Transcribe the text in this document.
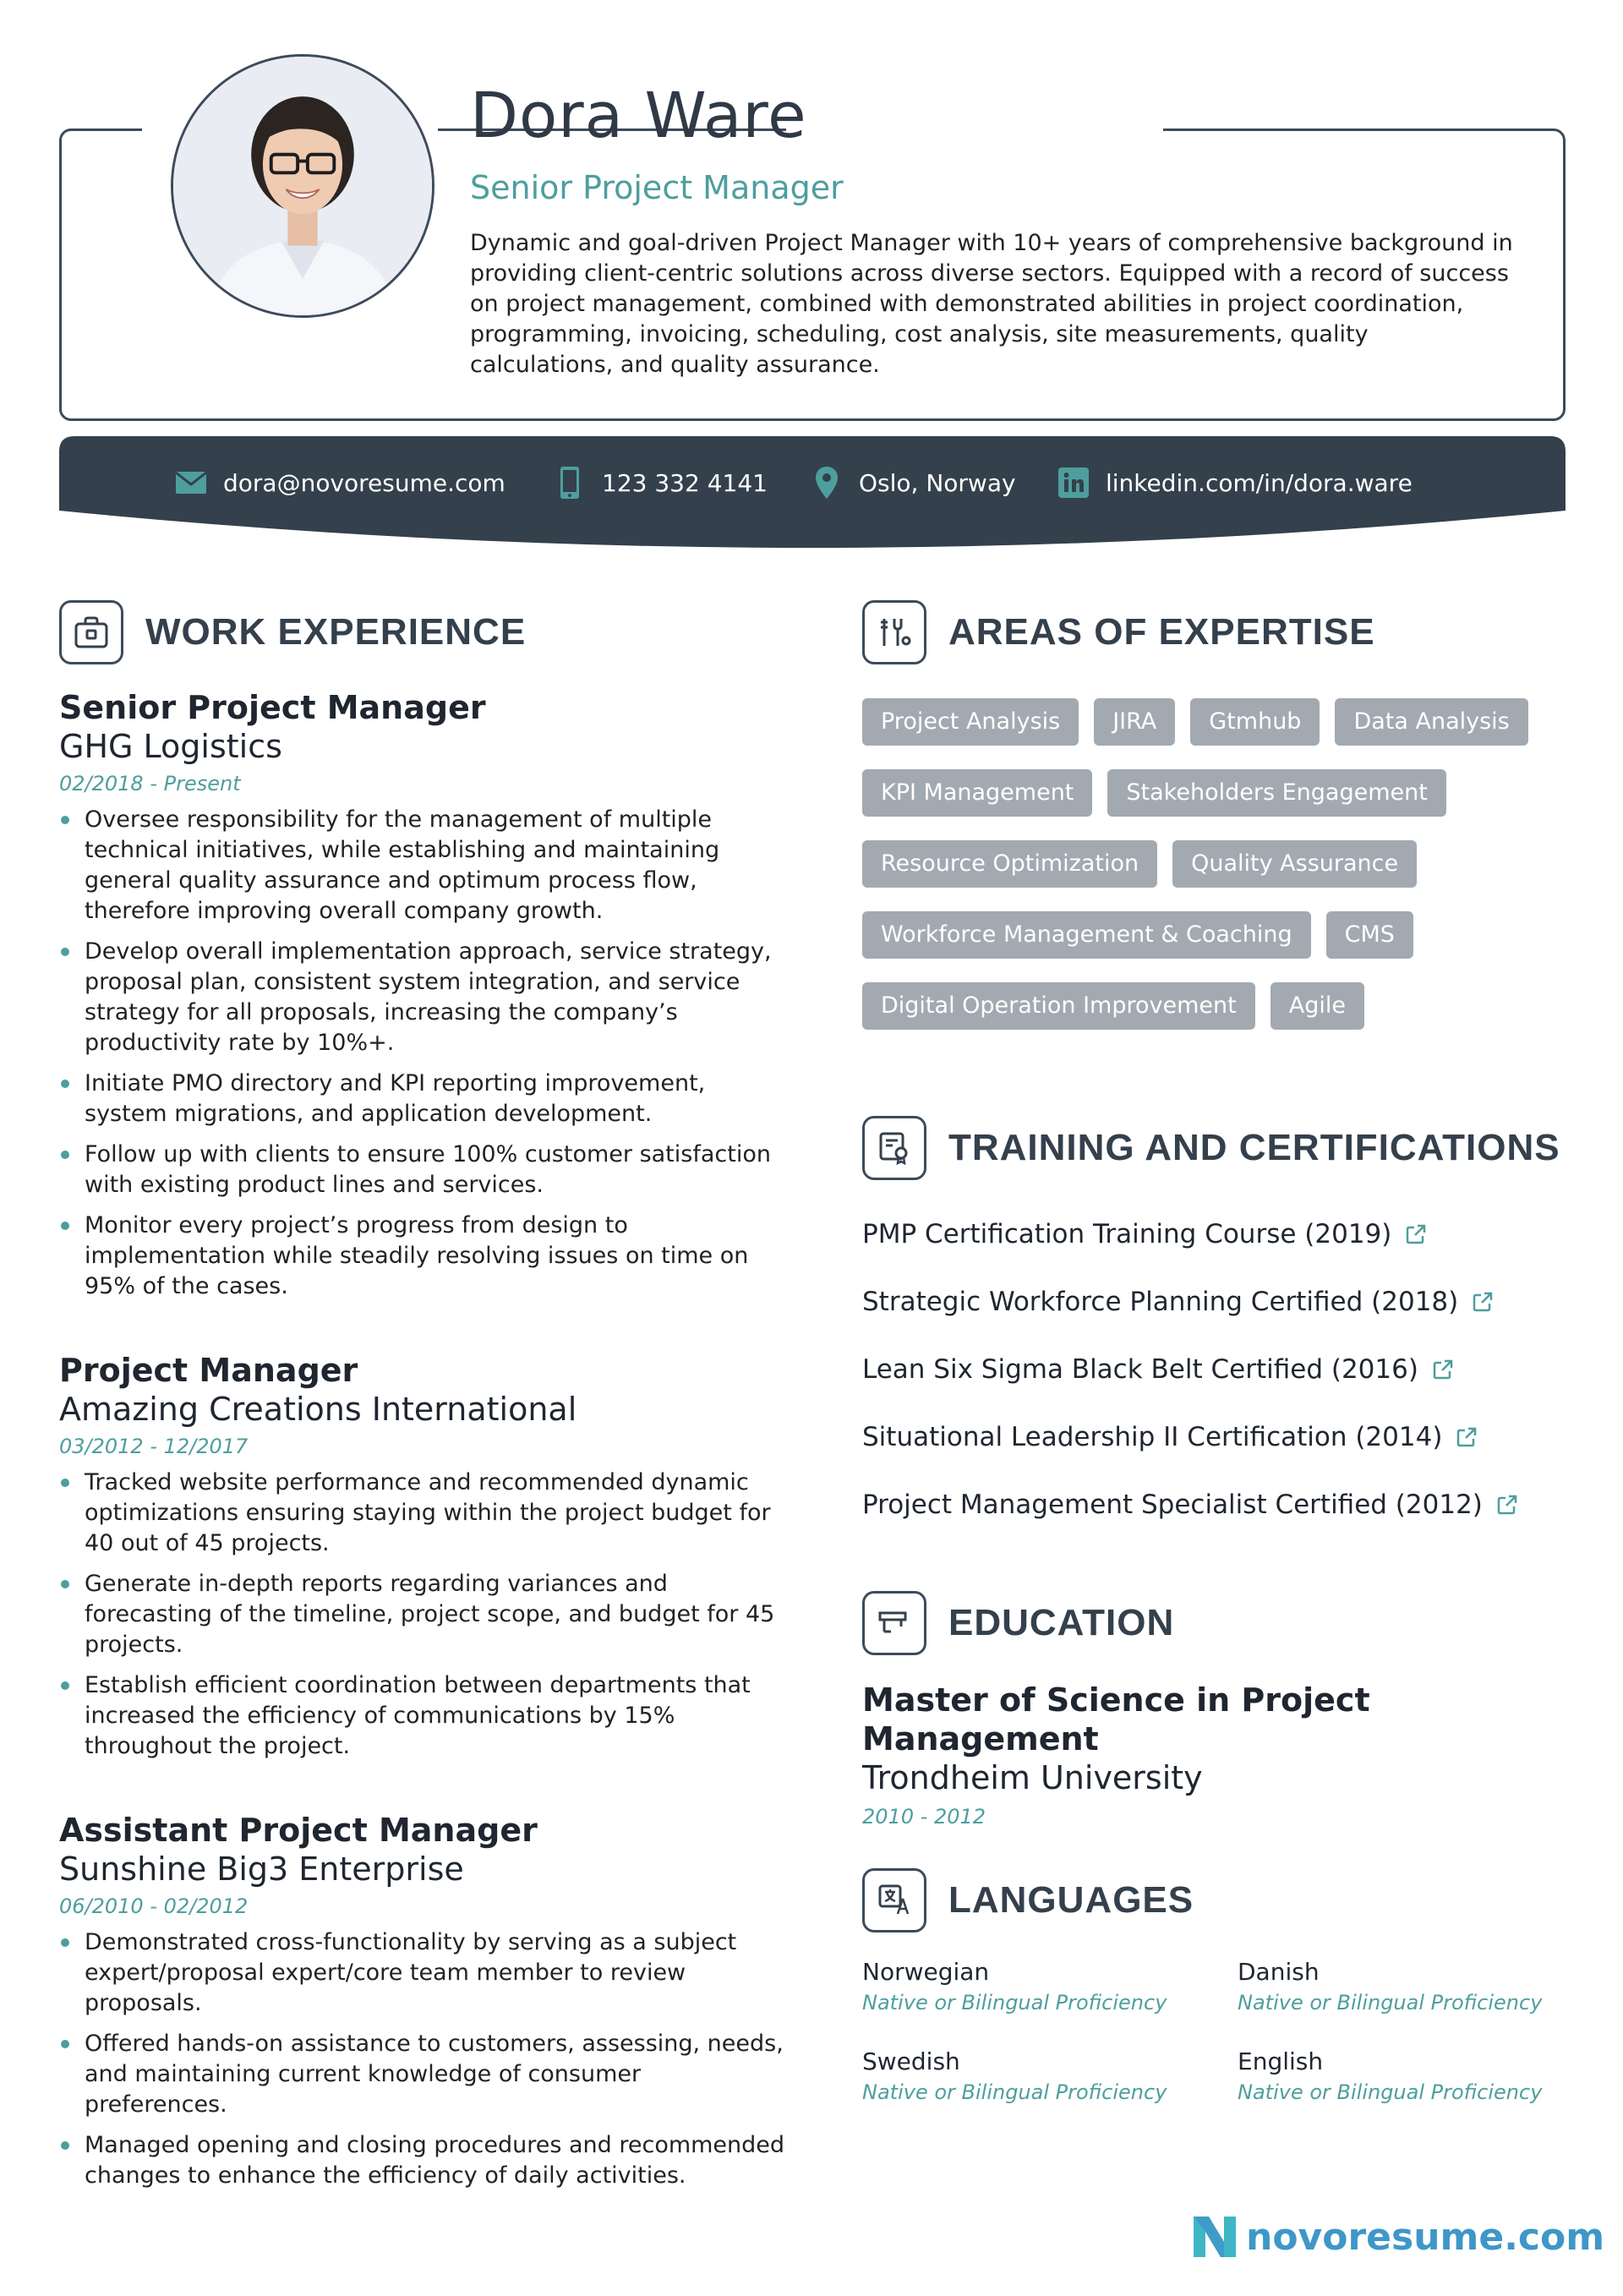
Dora Ware
Senior Project Manager
Dynamic and goal-driven Project Manager with 10+ years of comprehensive background in providing client-centric solutions across diverse sectors. Equipped with a record of success on project management, combined with demonstrated abilities in project coordination, programming, invoicing, scheduling, cost analysis, site measurements, quality calculations, and quality assurance.
dora@novoresume.com	123 332 4141	Oslo, Norway	linkedin.com/in/dora.ware
WORK EXPERIENCE
Senior Project Manager
GHG Logistics
02/2018 - Present
Oversee responsibility for the management of multiple technical initiatives, while establishing and maintaining general quality assurance and optimum process flow, therefore improving overall company growth.
Develop overall implementation approach, service strategy, proposal plan, consistent system integration, and service strategy for all proposals, increasing the company’s productivity rate by 10%+.
Initiate PMO directory and KPI reporting improvement, system migrations, and application development.
Follow up with clients to ensure 100% customer satisfaction with existing product lines and services.
Monitor every project’s progress from design to implementation while steadily resolving issues on time on 95% of the cases.
Project Manager
Amazing Creations International
03/2012 - 12/2017
Tracked website performance and recommended dynamic optimizations ensuring staying within the project budget for 40 out of 45 projects.
Generate in-depth reports regarding variances and forecasting of the timeline, project scope, and budget for 45 projects.
Establish efficient coordination between departments that increased the efficiency of communications by 15% throughout the project.
Assistant Project Manager
Sunshine Big3 Enterprise
06/2010 - 02/2012
Demonstrated cross-functionality by serving as a subject expert/proposal expert/core team member to review proposals.
Offered hands-on assistance to customers, assessing, needs, and maintaining current knowledge of consumer preferences.
Managed opening and closing procedures and recommended changes to enhance the efficiency of daily activities.
AREAS OF EXPERTISE
Project Analysis	JIRA	Gtmhub	Data Analysis
KPI Management	Stakeholders Engagement
Resource Optimization	Quality Assurance
Workforce Management & Coaching	CMS
Digital Operation Improvement	Agile
TRAINING AND CERTIFICATIONS
PMP Certification Training Course (2019)
Strategic Workforce Planning Certified (2018)
Lean Six Sigma Black Belt Certified (2016)
Situational Leadership II Certification (2014)
Project Management Specialist Certified (2012)
EDUCATION
Master of Science in Project Management
Trondheim University
2010 - 2012
LANGUAGES
Norwegian
Native or Bilingual Proficiency
Danish
Native or Bilingual Proficiency
Swedish
Native or Bilingual Proficiency
English
Native or Bilingual Proficiency
novoresume.com
